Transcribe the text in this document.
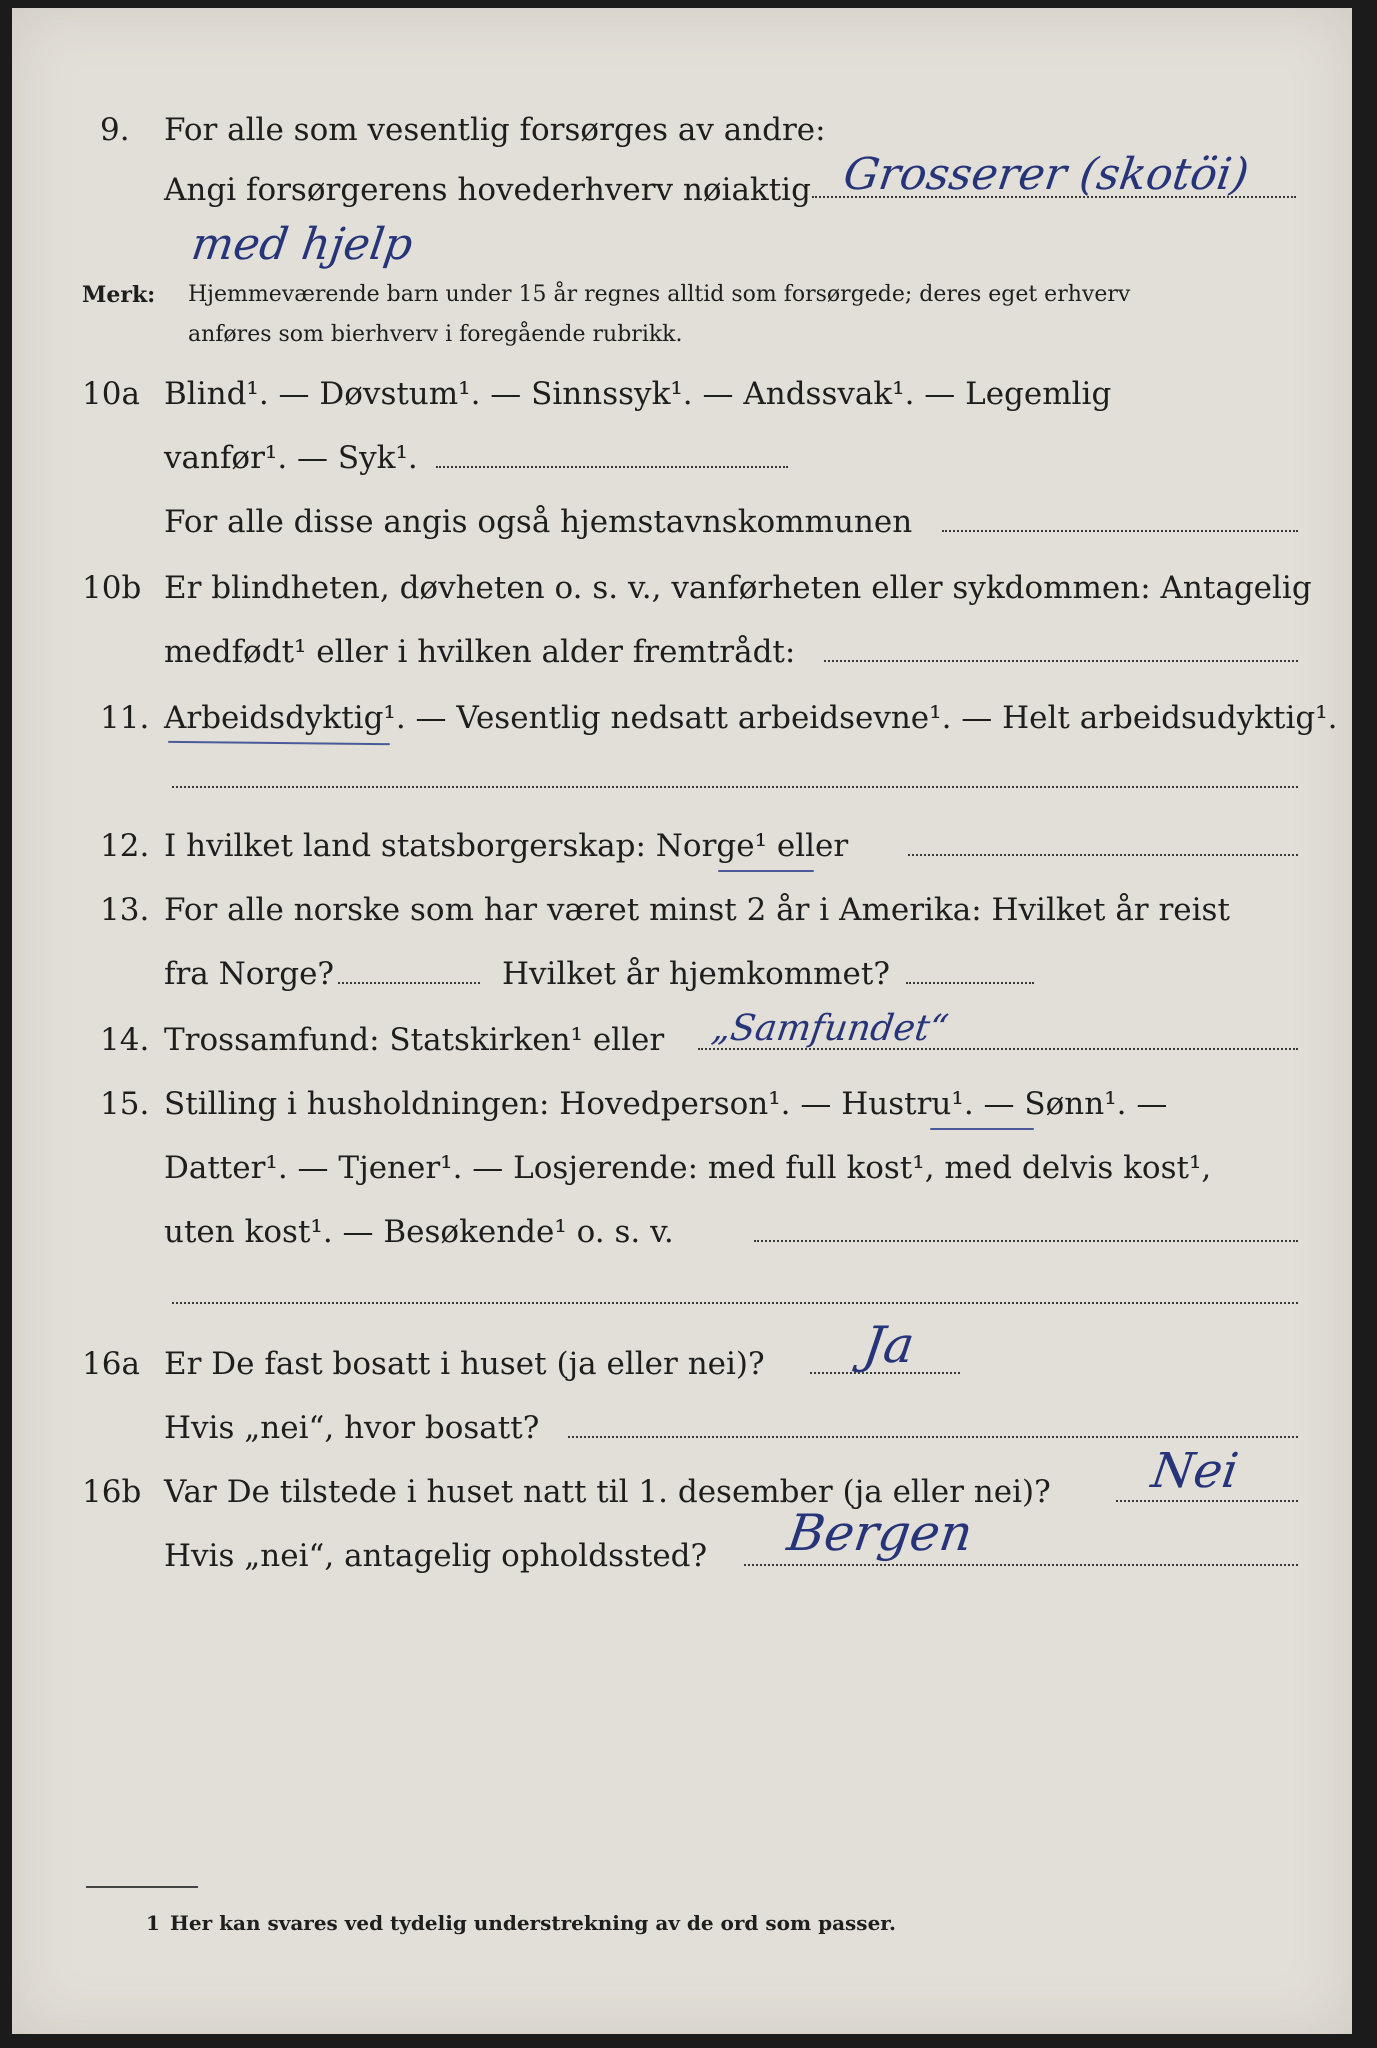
9. For alle som vesentlig forsørges av andre:
Angi forsørgerens hovederhverv nøiaktig Grosserer (skotöi)
med hjelp
Merk: Hjemmeværende barn under 15 år regnes alltid som forsørgede; deres eget erhverv
anføres som bierhverv i foregående rubrikk.
10a Blind¹. — Døvstum¹. — Sinnssyk¹. — Andssvak¹. — Legemlig
vanfør¹. — Syk¹.
For alle disse angis også hjemstavnskommunen
10b Er blindheten, døvheten o. s. v., vanførheten eller sykdommen: Antagelig
medfødt¹ eller i hvilken alder fremtrådt:
11. Arbeidsdyktig¹. — Vesentlig nedsatt arbeidsevne¹. — Helt arbeidsudyktig¹.
12. I hvilket land statsborgerskap: Norge¹ eller
13. For alle norske som har været minst 2 år i Amerika: Hvilket år reist
fra Norge?	Hvilket år hjemkommet?
14. Trossamfund: Statskirken¹ eller „Samfundet“
15. Stilling i husholdningen: Hovedperson¹. — Hustru¹. — Sønn¹. —
Datter¹. — Tjener¹. — Losjerende: med full kost¹, med delvis kost¹,
uten kost¹. — Besøkende¹ o. s. v.
16a Er De fast bosatt i huset (ja eller nei)? Ja
Hvis „nei“, hvor bosatt?
16b Var De tilstede i huset natt til 1. desember (ja eller nei)? Nei
Hvis „nei“, antagelig opholdssted? Bergen
1 Her kan svares ved tydelig understrekning av de ord som passer.
